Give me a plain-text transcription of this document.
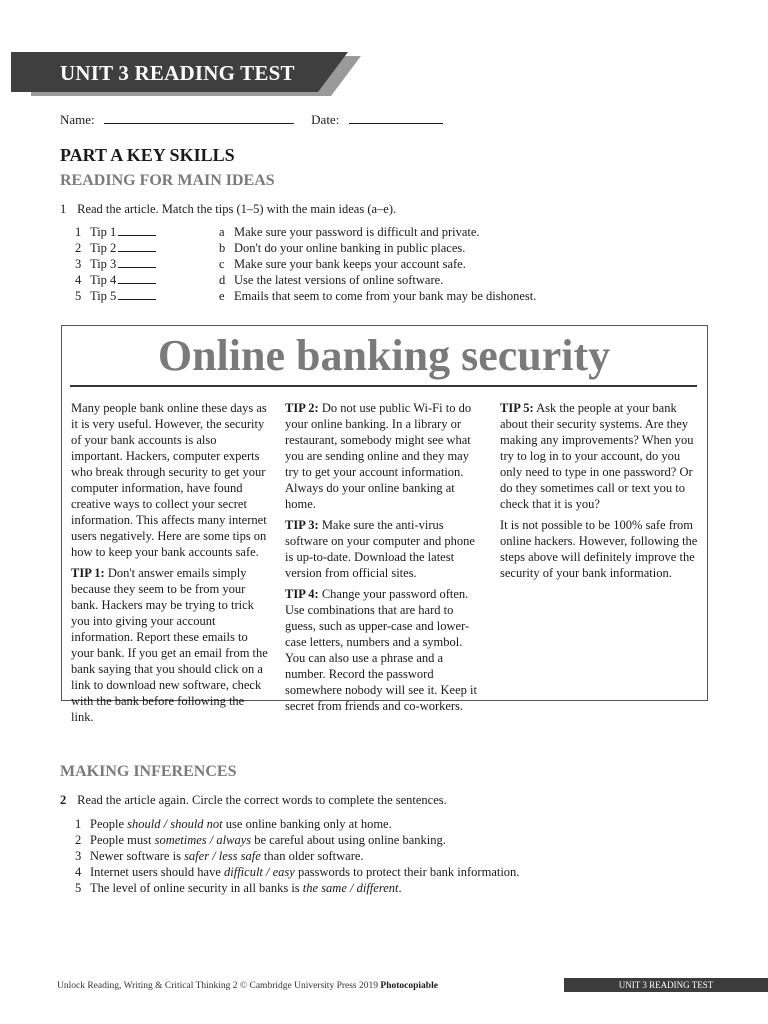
UNIT 3 READING TEST
Name:	Date:
PART A KEY SKILLS
READING FOR MAIN IDEAS
1 Read the article. Match the tips (1–5) with the main ideas (a–e).
1 Tip 1
2 Tip 2
3 Tip 3
4 Tip 4
5 Tip 5
a Make sure your password is difficult and private.
b Don't do your online banking in public places.
c Make sure your bank keeps your account safe.
d Use the latest versions of online software.
e Emails that seem to come from your bank may be dishonest.
Online banking security

Many people bank online these days as it is very useful. However, the security of your bank accounts is also important. Hackers, computer experts who break through security to get your computer information, have found creative ways to collect your secret information. This affects many internet users negatively. Here are some tips on how to keep your bank accounts safe.

TIP 1: Don't answer emails simply because they seem to be from your bank. Hackers may be trying to trick you into giving your account information. Report these emails to your bank. If you get an email from the bank saying that you should click on a link to download new software, check with the bank before following the link.

TIP 2: Do not use public Wi-Fi to do your online banking. In a library or restaurant, somebody might see what you are sending online and they may try to get your account information. Always do your online banking at home.

TIP 3: Make sure the anti-virus software on your computer and phone is up-to-date. Download the latest version from official sites.

TIP 4: Change your password often. Use combinations that are hard to guess, such as upper-case and lower-case letters, numbers and a symbol. You can also use a phrase and a number. Record the password somewhere nobody will see it. Keep it secret from friends and co-workers.

TIP 5: Ask the people at your bank about their security systems. Are they making any improvements? When you try to log in to your account, do you only need to type in one password? Or do they sometimes call or text you to check that it is you?

It is not possible to be 100% safe from online hackers. However, following the steps above will definitely improve the security of your bank information.

MAKING INFERENCES
2 Read the article again. Circle the correct words to complete the sentences.
1 People should / should not use online banking only at home.
2 People must sometimes / always be careful about using online banking.
3 Newer software is safer / less safe than older software.
4 Internet users should have difficult / easy passwords to protect their bank information.
5 The level of online security in all banks is the same / different.
Unlock Reading, Writing & Critical Thinking 2 © Cambridge University Press 2019 Photocopiable	UNIT 3 READING TEST
